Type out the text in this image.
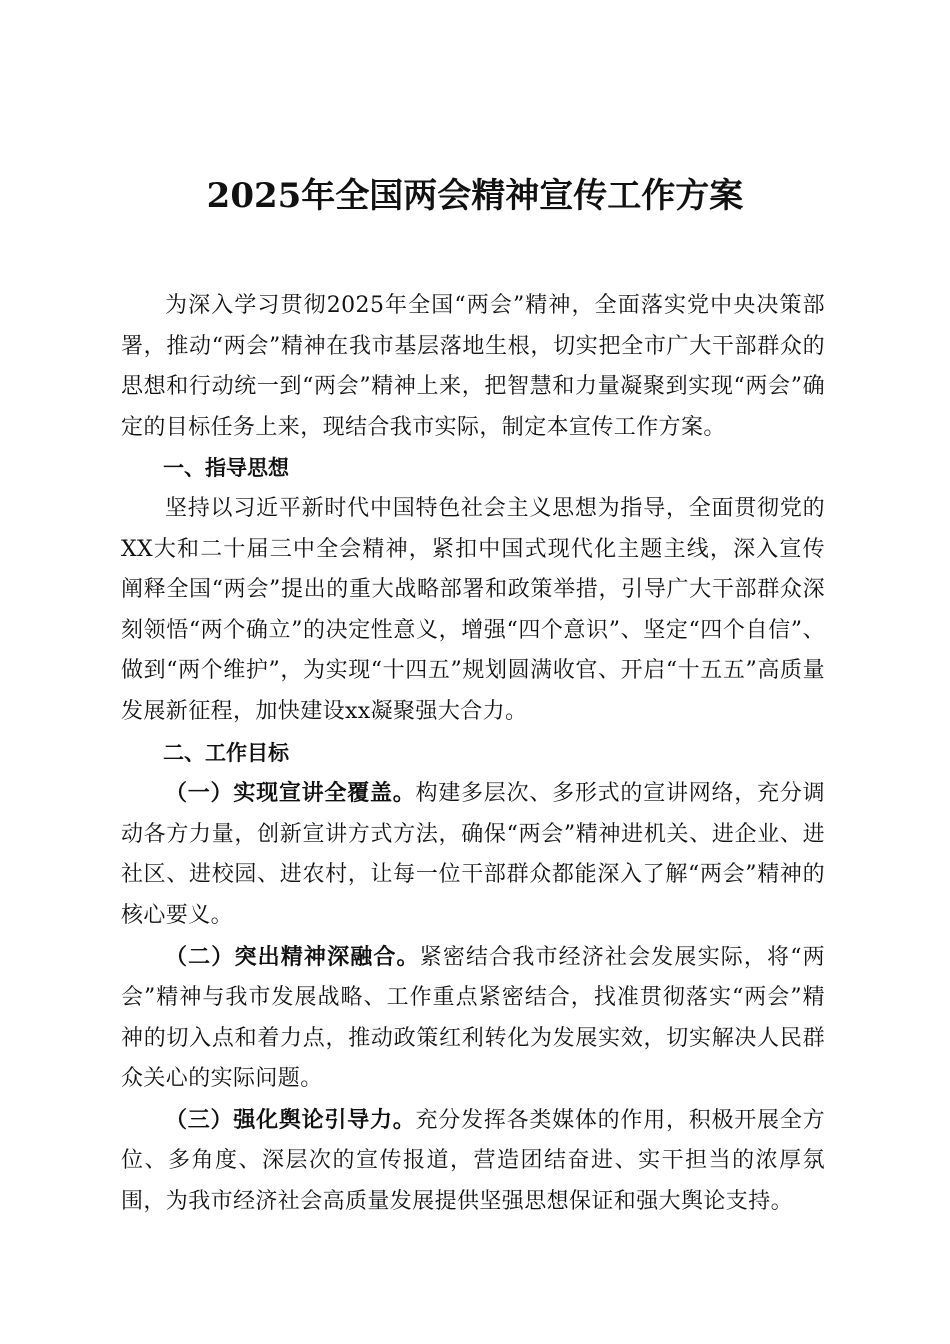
2025年全国两会精神宣传工作方案

为深入学习贯彻2025年全国“两会”精神，全面落实党中央决策部署，推动“两会”精神在我市基层落地生根，切实把全市广大干部群众的思想和行动统一到“两会”精神上来，把智慧和力量凝聚到实现“两会”确定的目标任务上来，现结合我市实际，制定本宣传工作方案。

一、指导思想

坚持以习近平新时代中国特色社会主义思想为指导，全面贯彻党的XX大和二十届三中全会精神，紧扣中国式现代化主题主线，深入宣传阐释全国“两会”提出的重大战略部署和政策举措，引导广大干部群众深刻领悟“两个确立”的决定性意义，增强“四个意识”、坚定“四个自信”、做到“两个维护”，为实现“十四五”规划圆满收官、开启“十五五”高质量发展新征程，加快建设xx凝聚强大合力。

二、工作目标

（一）实现宣讲全覆盖。构建多层次、多形式的宣讲网络，充分调动各方力量，创新宣讲方式方法，确保“两会”精神进机关、进企业、进社区、进校园、进农村，让每一位干部群众都能深入了解“两会”精神的核心要义。

（二）突出精神深融合。紧密结合我市经济社会发展实际，将“两会”精神与我市发展战略、工作重点紧密结合，找准贯彻落实“两会”精神的切入点和着力点，推动政策红利转化为发展实效，切实解决人民群众关心的实际问题。

（三）强化舆论引导力。充分发挥各类媒体的作用，积极开展全方位、多角度、深层次的宣传报道，营造团结奋进、实干担当的浓厚氛围，为我市经济社会高质量发展提供坚强思想保证和强大舆论支持。
